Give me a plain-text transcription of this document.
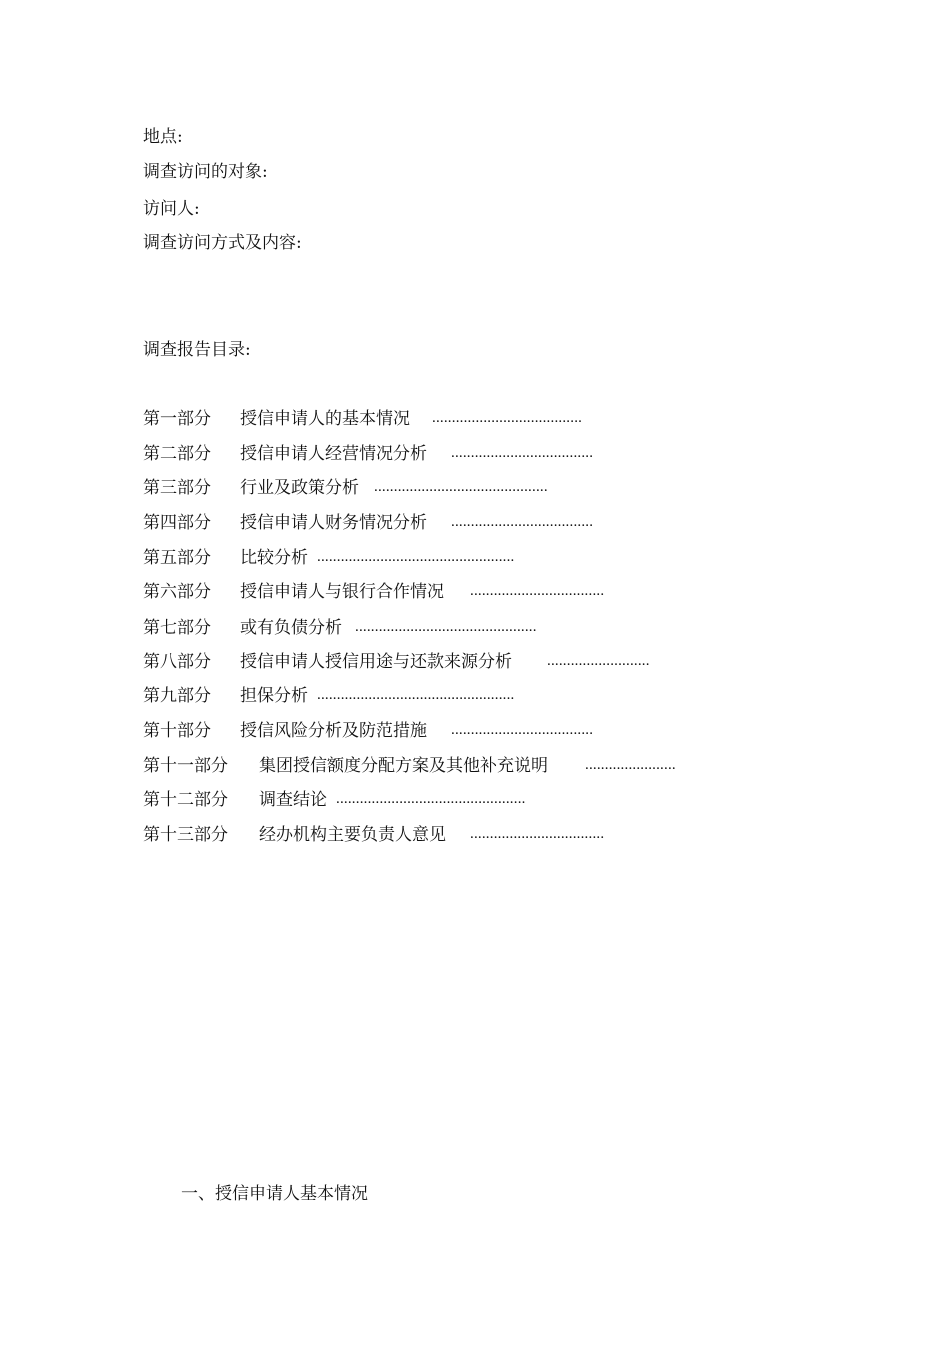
地点:
调查访问的对象:
访问人:
调查访问方式及内容:
调查报告目录:
第一部分 授信申请人的基本情况 ......................................
第二部分 授信申请人经营情况分析 ....................................
第三部分 行业及政策分析 ............................................
第四部分 授信申请人财务情况分析 ....................................
第五部分 比较分析 ..................................................
第六部分 授信申请人与银行合作情况 ..................................
第七部分 或有负债分析 ..............................................
第八部分 授信申请人授信用途与还款来源分析 ..........................
第九部分 担保分析 ..................................................
第十部分 授信风险分析及防范措施 ....................................
第十一部分 集团授信额度分配方案及其他补充说明 .......................
第十二部分 调查结论 ................................................
第十三部分 经办机构主要负责人意见 ..................................
一、授信申请人基本情况
